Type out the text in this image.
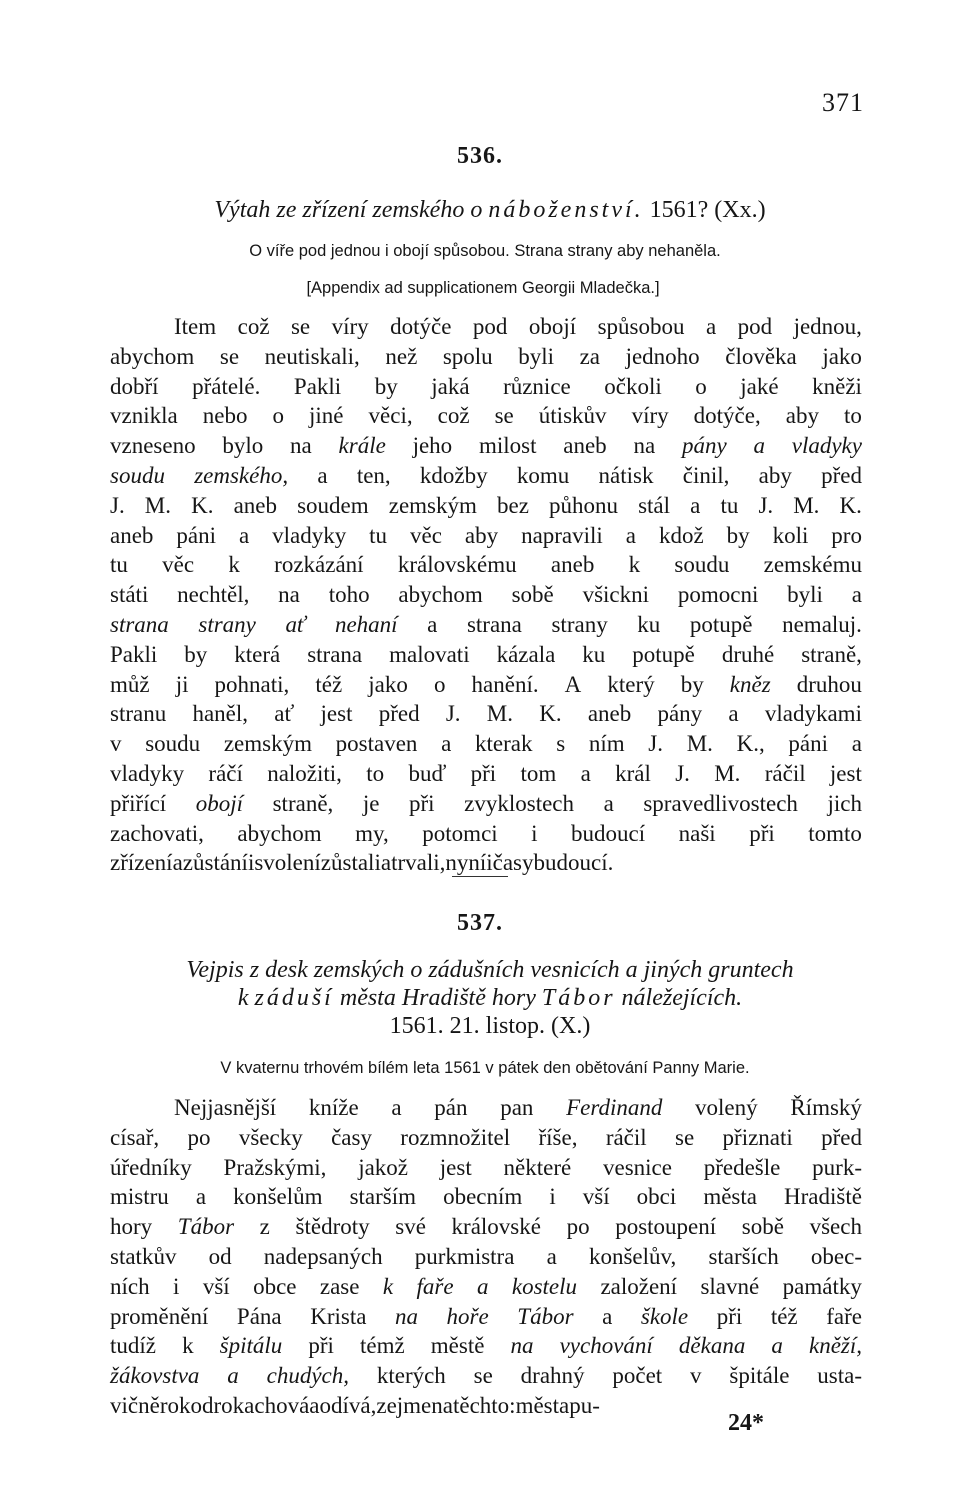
371
536.
Výtah ze zřízení zemského o náboženství. 1561? (Xx.)
O víře pod jednou i obojí spůsobou. Strana strany aby nehaněla.
[Appendix ad supplicationem Georgii Mladečka.]
Item což se víry dotýče pod obojí spůsobou a pod jednou,
abychom se neutiskali, než spolu byli za jednoho člověka jako
dobří přátelé. Pakli by jaká různice očkoli o jaké kněži
vznikla nebo o jiné věci, což se útiskův víry dotýče, aby to
vzneseno bylo na krále jeho milost aneb na pány a vladyky
soudu zemského, a ten, kdožby komu nátisk činil, aby před
J. M. K. aneb soudem zemským bez půhonu stál a tu J. M. K.
aneb páni a vladyky tu věc aby napravili a kdož by koli pro
tu věc k rozkázání královskému aneb k soudu zemskému
státi nechtěl, na toho abychom sobě všickni pomocni byli a
strana strany ať nehaní a strana strany ku potupě nemaluj.
Pakli by která strana malovati kázala ku potupě druhé straně,
můž ji pohnati, též jako o hanění. A který by kněz druhou
stranu haněl, ať jest před J. M. K. aneb pány a vladykami
v soudu zemským postaven a kterak s ním J. M. K., páni a
vladyky ráčí naložiti, to buď při tom a král J. M. ráčil jest
přiřící obojí straně, je při zvyklostech a spravedlivostech jich
zachovati, abychom my, potomci i budoucí naši při tomto
zřízení a zůstání i svolení zůstali a trvali, nyní i časy budoucí.
537.
Vejpis z desk zemských o zádušních vesnicích a jiných gruntech
k záduší města Hradiště hory Tábor náležejících.
1561. 21. listop. (X.)
V kvaternu trhovém bílém leta 1561 v pátek den obětování Panny Marie.
Nejjasnější kníže a pán pan Ferdinand volený Římský
císař, po všecky časy rozmnožitel říše, ráčil se přiznati před
úředníky Pražskými, jakož jest některé vesnice předešle purk-
mistru a konšelům starším obecním i vší obci města Hradiště
hory Tábor z štědroty své královské po postoupení sobě všech
statkův od nadepsaných purkmistra a konšelův, starších obec-
ních i vší obce zase k faře a kostelu založení slavné památky
proměnění Pána Krista na hoře Tábor a škole při též faře
tudíž k špitálu při témž městě na vychování děkana a kněží,
žákovstva a chudých, kterých se drahný počet v špitále usta-
vičně rok od roka chová a odívá, zejmena těchto: města pu-
24*
